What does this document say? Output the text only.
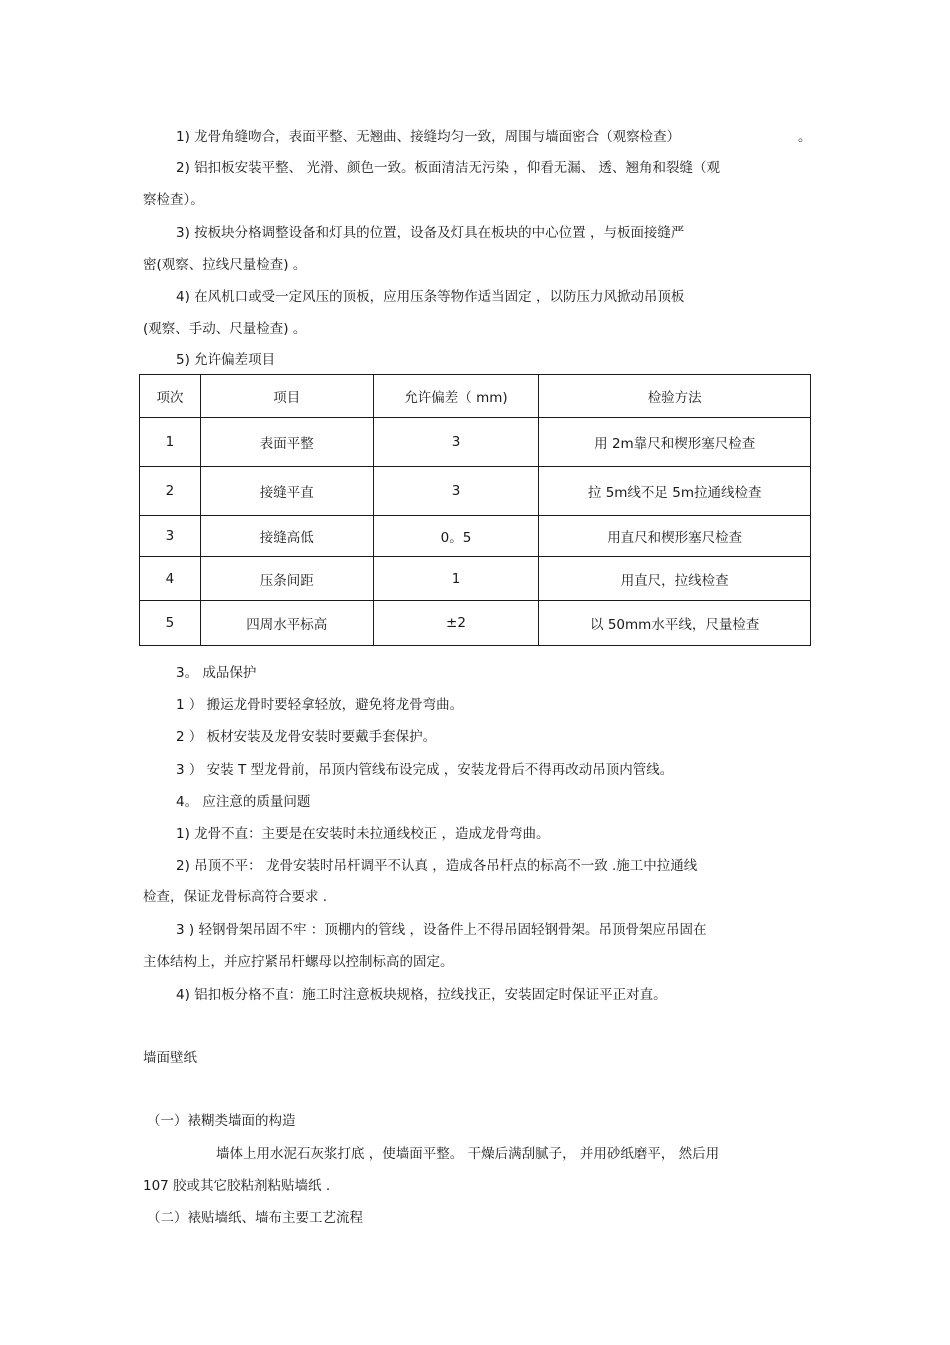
1) 龙骨角缝吻合，表面平整、无翘曲、接缝均匀一致，周围与墙面密合（观察检查）	。
2) 铝扣板安装平整、 光滑、颜色一致。板面清洁无污染 ，仰看无漏、 透、翘角和裂缝（观
察检查）。
3) 按板块分格调整设备和灯具的位置，设备及灯具在板块的中心位置 ，与板面接缝严
密(观察、拉线尺量检查) 。
4) 在风机口或受一定风压的顶板，应用压条等物作适当固定 ，以防压力风掀动吊顶板
(观察、手动、尺量检查) 。
5) 允许偏差项目
项次	项目	允许偏差（ mm)	检验方法
1	表面平整	3	用 2m靠尺和楔形塞尺检查
2	接缝平直	3	拉 5m线不足 5m拉通线检查
3	接缝高低	0。5	用直尺和楔形塞尺检查
4	压条间距	1	用直尺，拉线检查
5	四周水平标高	±2	以 50mm水平线，尺量检查
3。 成品保护
1 ） 搬运龙骨时要轻拿轻放，避免将龙骨弯曲。
2 ） 板材安装及龙骨安装时要戴手套保护。
3 ） 安装 T 型龙骨前，吊顶内管线布设完成 ，安装龙骨后不得再改动吊顶内管线。
4。 应注意的质量问题
1) 龙骨不直：主要是在安装时未拉通线校正 ，造成龙骨弯曲。
2) 吊顶不平： 龙骨安装时吊杆调平不认真 ，造成各吊杆点的标高不一致 .施工中拉通线
检查，保证龙骨标高符合要求 .
3 ) 轻钢骨架吊固不牢 ：顶棚内的管线 ，设备件上不得吊固轻钢骨架。吊顶骨架应吊固在
主体结构上，并应拧紧吊杆螺母以控制标高的固定。
4) 铝扣板分格不直：施工时注意板块规格，拉线找正，安装固定时保证平正对直。
墙面壁纸
（一）裱糊类墙面的构造
墙体上用水泥石灰浆打底 ，使墙面平整。 干燥后满刮腻子， 并用砂纸磨平， 然后用
107 胶或其它胶粘剂粘贴墙纸 .
（二）裱贴墙纸、墙布主要工艺流程
